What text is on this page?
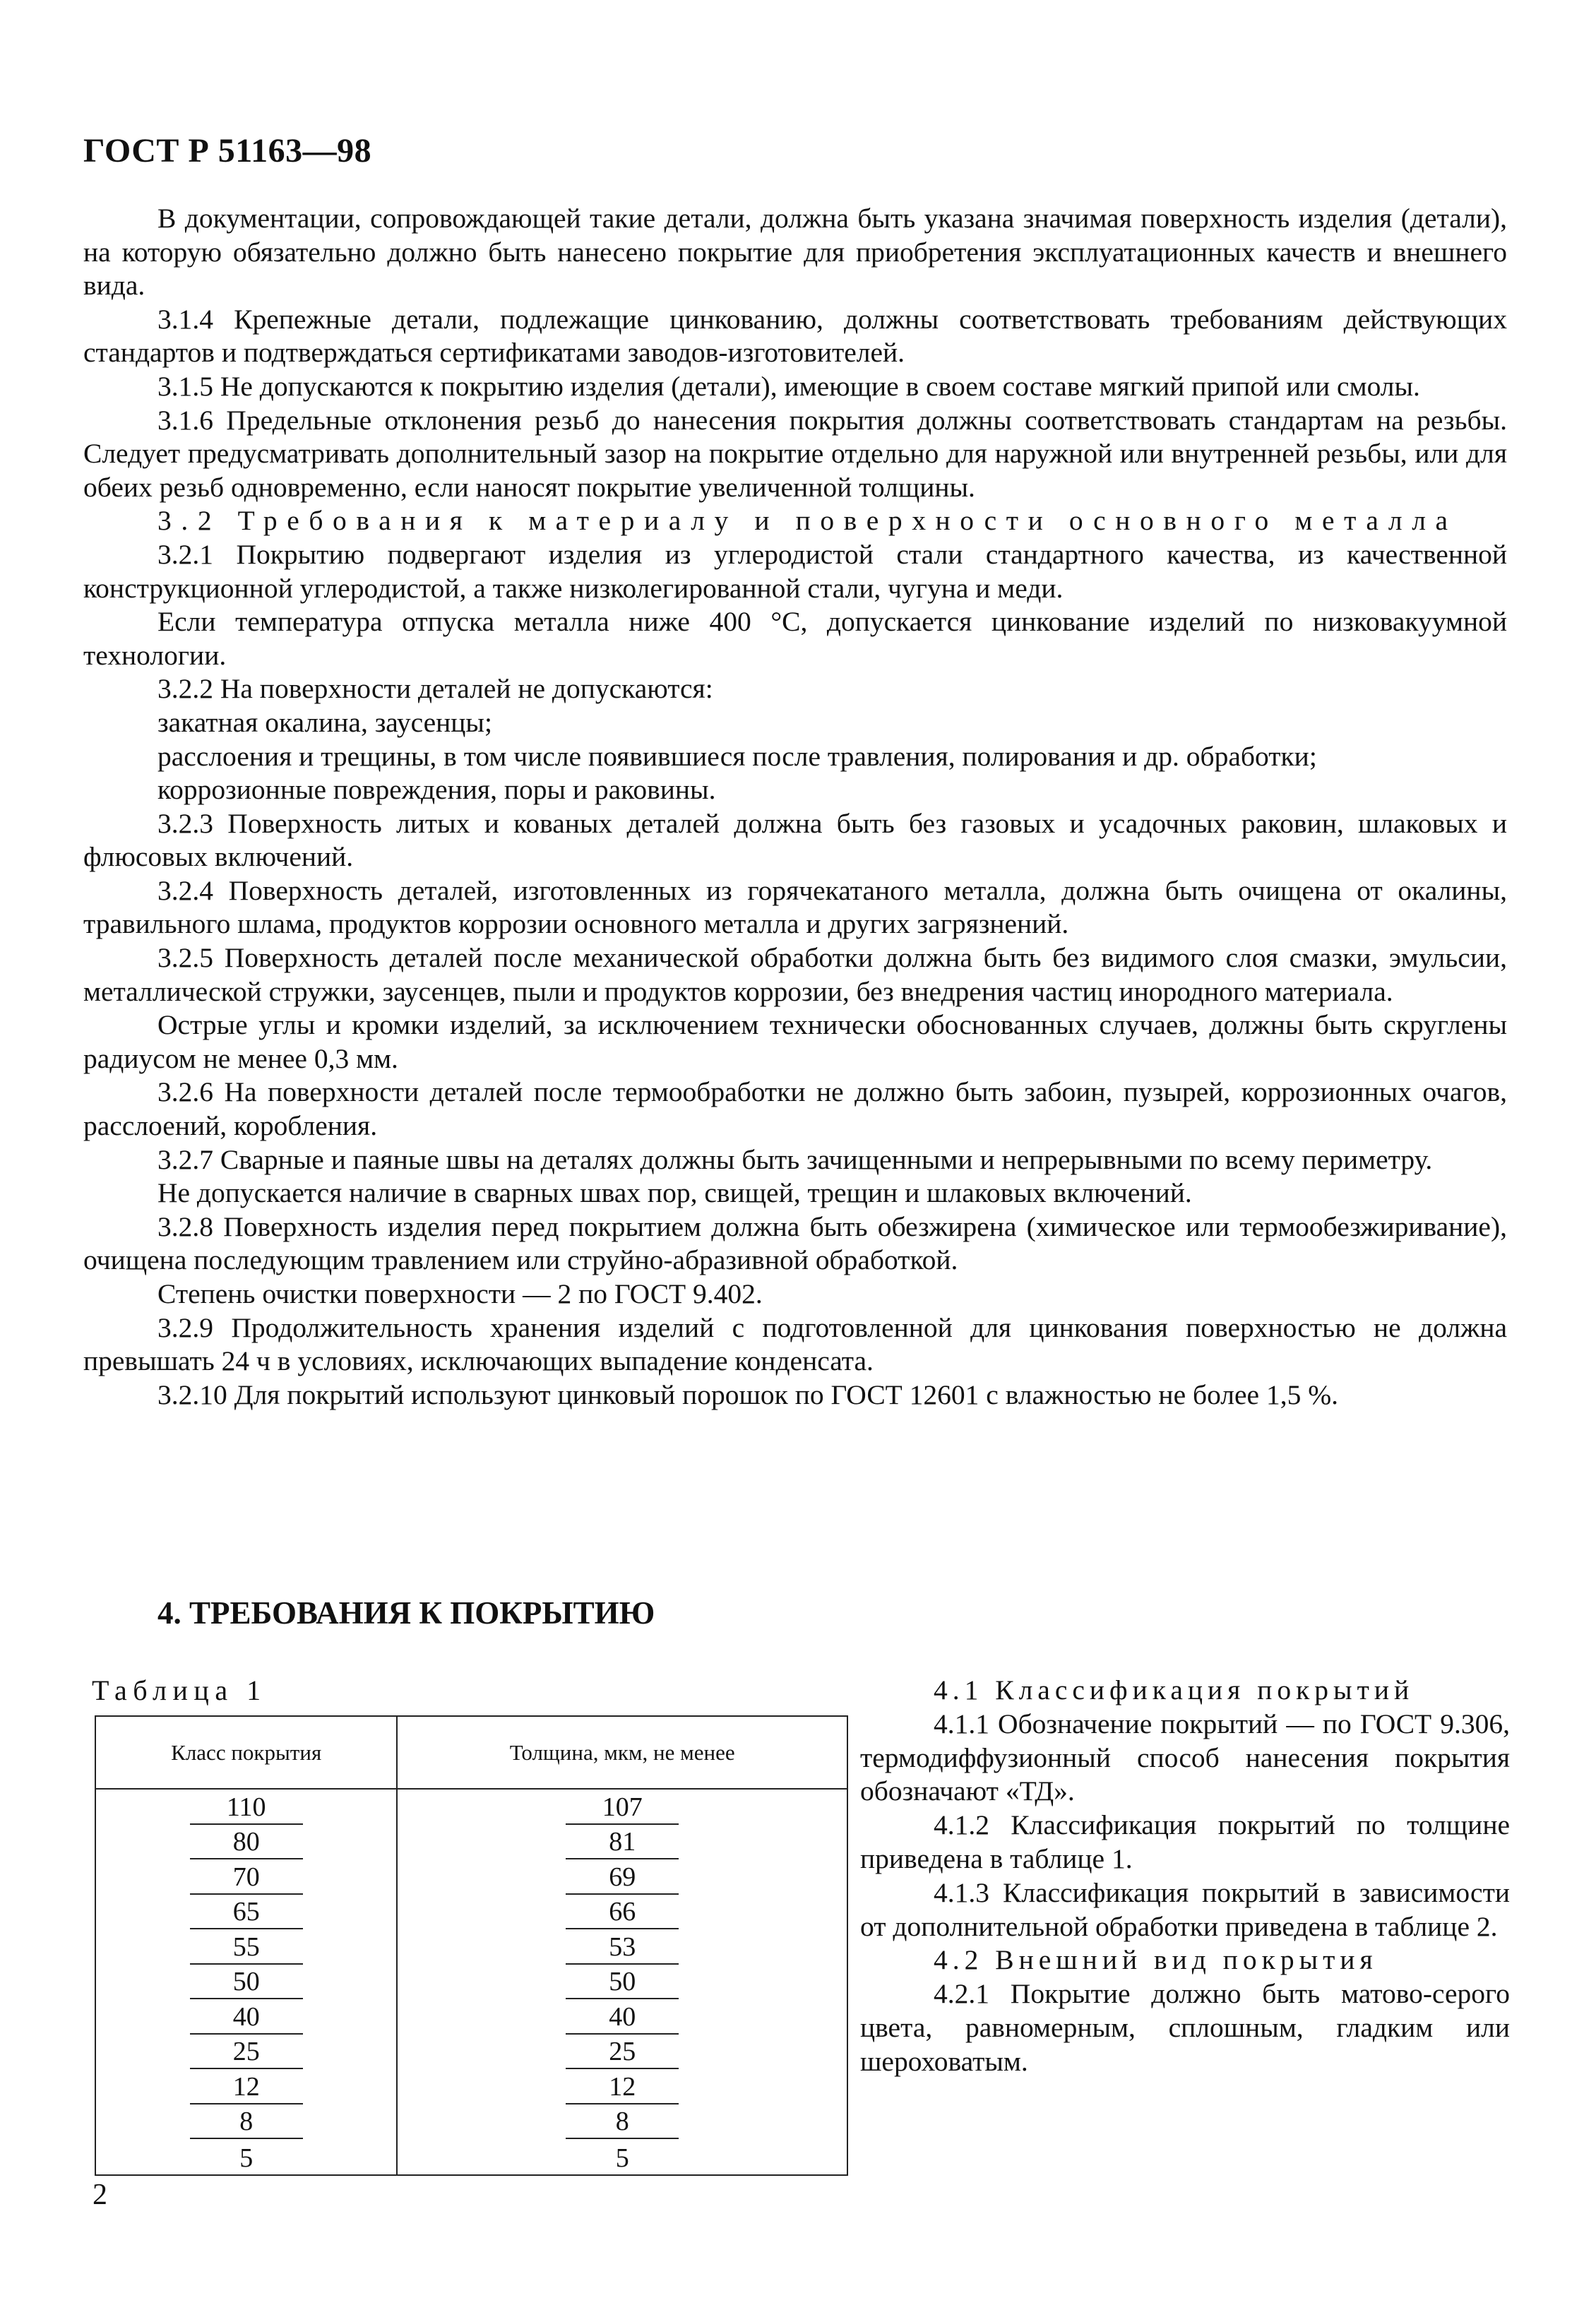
ГОСТ Р 51163—98

В документации, сопровождающей такие детали, должна быть указана значимая поверхность изделия (детали), на которую обязательно должно быть нанесено покрытие для приобретения эксплуатационных качеств и внешнего вида.

3.1.4 Крепежные детали, подлежащие цинкованию, должны соответствовать требованиям действующих стандартов и подтверждаться сертификатами заводов-изготовителей.

3.1.5 Не допускаются к покрытию изделия (детали), имеющие в своем составе мягкий припой или смолы.

3.1.6 Предельные отклонения резьб до нанесения покрытия должны соответствовать стандартам на резьбы. Следует предусматривать дополнительный зазор на покрытие отдельно для наружной или внутренней резьбы, или для обеих резьб одновременно, если наносят покрытие увеличенной толщины.

3.2 Требования к материалу и поверхности основного металла

3.2.1 Покрытию подвергают изделия из углеродистой стали стандартного качества, из качественной конструкционной углеродистой, а также низколегированной стали, чугуна и меди.

Если температура отпуска металла ниже 400 °С, допускается цинкование изделий по низковакуумной технологии.

3.2.2 На поверхности деталей не допускаются:

закатная окалина, заусенцы;

расслоения и трещины, в том числе появившиеся после травления, полирования и др. обработки;

коррозионные повреждения, поры и раковины.

3.2.3 Поверхность литых и кованых деталей должна быть без газовых и усадочных раковин, шлаковых и флюсовых включений.

3.2.4 Поверхность деталей, изготовленных из горячекатаного металла, должна быть очищена от окалины, травильного шлама, продуктов коррозии основного металла и других загрязнений.

3.2.5 Поверхность деталей после механической обработки должна быть без видимого слоя смазки, эмульсии, металлической стружки, заусенцев, пыли и продуктов коррозии, без внедрения частиц инородного материала.

Острые углы и кромки изделий, за исключением технически обоснованных случаев, должны быть скруглены радиусом не менее 0,3 мм.

3.2.6 На поверхности деталей после термообработки не должно быть забоин, пузырей, коррозионных очагов, расслоений, коробления.

3.2.7 Сварные и паяные швы на деталях должны быть зачищенными и непрерывными по всему периметру.

Не допускается наличие в сварных швах пор, свищей, трещин и шлаковых включений.

3.2.8 Поверхность изделия перед покрытием должна быть обезжирена (химическое или термообезжиривание), очищена последующим травлением или струйно-абразивной обработкой.

Степень очистки поверхности — 2 по ГОСТ 9.402.

3.2.9 Продолжительность хранения изделий с подготовленной для цинкования поверхностью не должна превышать 24 ч в условиях, исключающих выпадение конденсата.

3.2.10 Для покрытий используют цинковый порошок по ГОСТ 12601 с влажностью не более 1,5 %.

4. ТРЕБОВАНИЯ К ПОКРЫТИЮ
Таблица 1
Класс покрытия	Толщина, мкм, не менее
110	107
80	81
70	69
65	66
55	53
50	50
40	40
25	25
12	12
8	8
5	5

4.1 Классификация покрытий

4.1.1 Обозначение покрытий — по ГОСТ 9.306, термодиффузионный способ нанесения покрытия обозначают «ТД».

4.1.2 Классификация покрытий по толщине приведена в таблице 1.

4.1.3 Классификация покрытий в зависимости от дополнительной обработки приведена в таблице 2.

4.2 Внешний вид покрытия

4.2.1 Покрытие должно быть матово-серого цвета, равномерным, сплошным, гладким или шероховатым.

2
